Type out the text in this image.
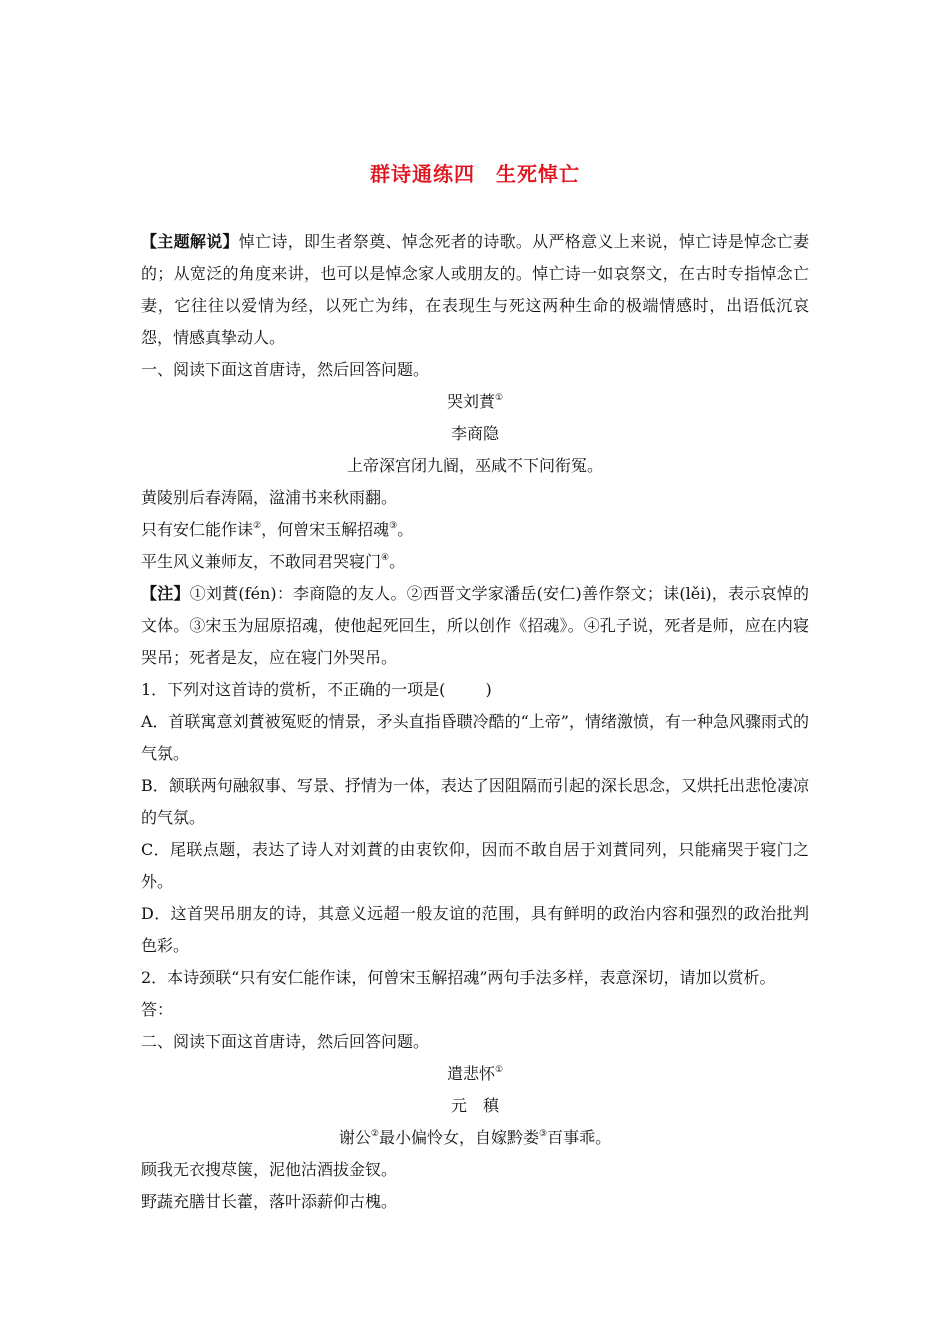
群诗通练四　生死悼亡

【主题解说】悼亡诗，即生者祭奠、悼念死者的诗歌。从严格意义上来说，悼亡诗是悼念亡妻的；从宽泛的角度来讲，也可以是悼念家人或朋友的。悼亡诗一如哀祭文，在古时专指悼念亡妻，它往往以爱情为经，以死亡为纬，在表现生与死这两种生命的极端情感时，出语低沉哀怨，情感真挚动人。

一、阅读下面这首唐诗，然后回答问题。

哭刘蕡①

李商隐

上帝深宫闭九阍，巫咸不下问衔冤。

黄陵别后春涛隔，湓浦书来秋雨翻。

只有安仁能作诔②，何曾宋玉解招魂③。

平生风义兼师友，不敢同君哭寝门④。

【注】①刘蕡(fén)：李商隐的友人。②西晋文学家潘岳(安仁)善作祭文；诔(lěi)，表示哀悼的文体。③宋玉为屈原招魂，使他起死回生，所以创作《招魂》。④孔子说，死者是师，应在内寝哭吊；死者是友，应在寝门外哭吊。

1．下列对这首诗的赏析，不正确的一项是(	)

A．首联寓意刘蕡被冤贬的情景，矛头直指昏聩冷酷的“上帝”，情绪激愤，有一种急风骤雨式的气氛。

B．颔联两句融叙事、写景、抒情为一体，表达了因阻隔而引起的深长思念，又烘托出悲怆凄凉的气氛。

C．尾联点题，表达了诗人对刘蕡的由衷钦仰，因而不敢自居于刘蕡同列，只能痛哭于寝门之外。

D．这首哭吊朋友的诗，其意义远超一般友谊的范围，具有鲜明的政治内容和强烈的政治批判色彩。

2．本诗颈联“只有安仁能作诔，何曾宋玉解招魂”两句手法多样，表意深切，请加以赏析。

答：

二、阅读下面这首唐诗，然后回答问题。

遣悲怀①

元　稹

谢公②最小偏怜女，自嫁黔娄③百事乖。

顾我无衣搜荩箧，泥他沽酒拔金钗。

野蔬充膳甘长藿，落叶添薪仰古槐。
